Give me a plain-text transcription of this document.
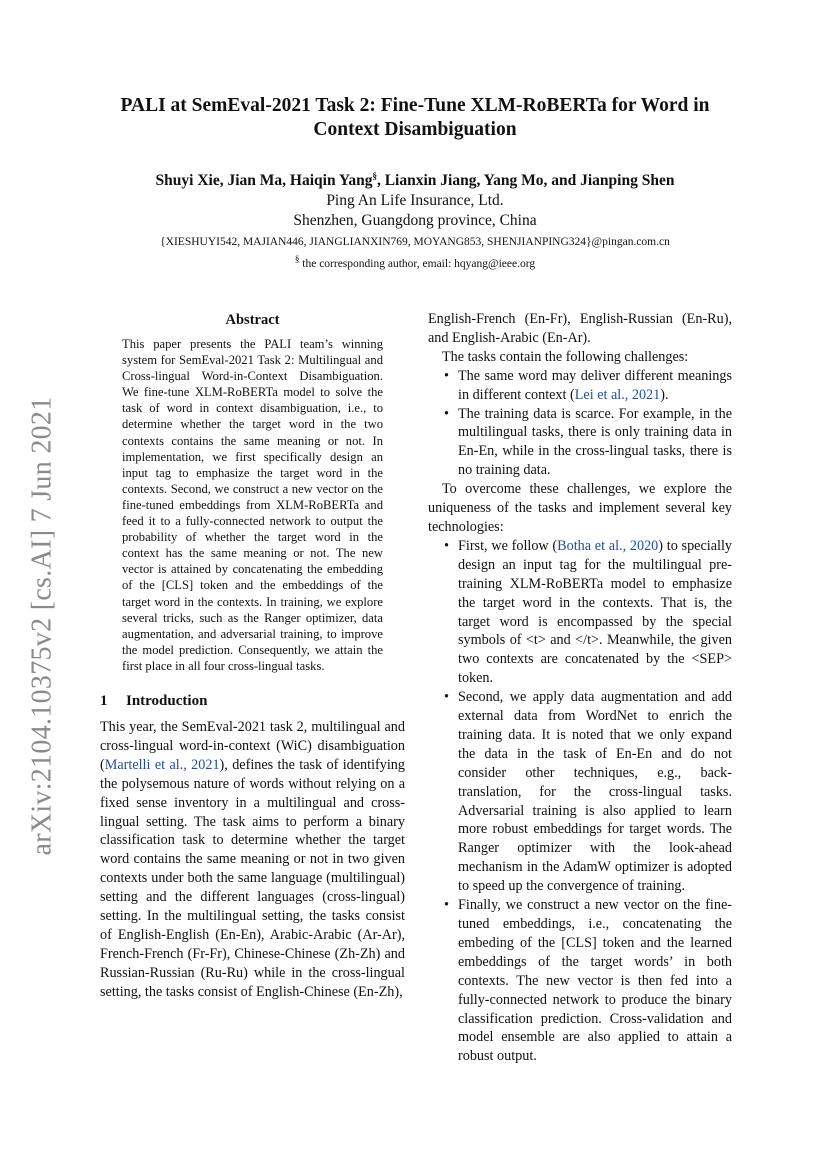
arXiv:2104.10375v2 [cs.AI] 7 Jun 2021
PALI at SemEval-2021 Task 2: Fine-Tune XLM-RoBERTa for Word in
Context Disambiguation
Shuyi Xie, Jian Ma, Haiqin Yang§, Lianxin Jiang, Yang Mo, and Jianping Shen
Ping An Life Insurance, Ltd.
Shenzhen, Guangdong province, China
{XIESHUYI542, MAJIAN446, JIANGLIANXIN769, MOYANG853, SHENJIANPING324}@pingan.com.cn
§ the corresponding author, email: hqyang@ieee.org
Abstract

This paper presents the PALI team’s winning system for SemEval-2021 Task 2: Multilingual and Cross-lingual Word-in-Context Disambiguation. We fine-tune XLM-RoBERTa model to solve the task of word in context disambiguation, i.e., to determine whether the target word in the two contexts contains the same meaning or not. In implementation, we first specifically design an input tag to emphasize the target word in the contexts. Second, we construct a new vector on the fine-tuned embeddings from XLM-RoBERTa and feed it to a fully-connected network to output the probability of whether the target word in the context has the same meaning or not. The new vector is attained by concatenating the embedding of the [CLS] token and the embeddings of the target word in the contexts. In training, we explore several tricks, such as the Ranger optimizer, data augmentation, and adversarial training, to improve the model prediction. Consequently, we attain the first place in all four cross-lingual tasks.

1 Introduction

This year, the SemEval-2021 task 2, multilingual and cross-lingual word-in-context (WiC) disambiguation (Martelli et al., 2021), defines the task of identifying the polysemous nature of words without relying on a fixed sense inventory in a multilingual and cross-lingual setting. The task aims to perform a binary classification task to determine whether the target word contains the same meaning or not in two given contexts under both the same language (multilingual) setting and the different languages (cross-lingual) setting. In the multilingual setting, the tasks consist of English-English (En-En), Arabic-Arabic (Ar-Ar), French-French (Fr-Fr), Chinese-Chinese (Zh-Zh) and Russian-Russian (Ru-Ru) while in the cross-lingual setting, the tasks consist of English-Chinese (En-Zh),

English-French (En-Fr), English-Russian (En-Ru), and English-Arabic (En-Ar).

The tasks contain the following challenges:

• The same word may deliver different meanings in different context (Lei et al., 2021).
• The training data is scarce. For example, in the multilingual tasks, there is only training data in En-En, while in the cross-lingual tasks, there is no training data.

To overcome these challenges, we explore the uniqueness of the tasks and implement several key technologies:

• First, we follow (Botha et al., 2020) to specially design an input tag for the multilingual pre-training XLM-RoBERTa model to emphasize the target word in the contexts. That is, the target word is encompassed by the special symbols of <t> and </t>. Meanwhile, the given two contexts are concatenated by the <SEP> token.
• Second, we apply data augmentation and add external data from WordNet to enrich the training data. It is noted that we only expand the data in the task of En-En and do not consider other techniques, e.g., back-translation, for the cross-lingual tasks. Adversarial training is also applied to learn more robust embeddings for target words. The Ranger optimizer with the look-ahead mechanism in the AdamW optimizer is adopted to speed up the convergence of training.
• Finally, we construct a new vector on the fine-tuned embeddings, i.e., concatenating the embeding of the [CLS] token and the learned embeddings of the target words’ in both contexts. The new vector is then fed into a fully-connected network to produce the binary classification prediction. Cross-validation and model ensemble are also applied to attain a robust output.
